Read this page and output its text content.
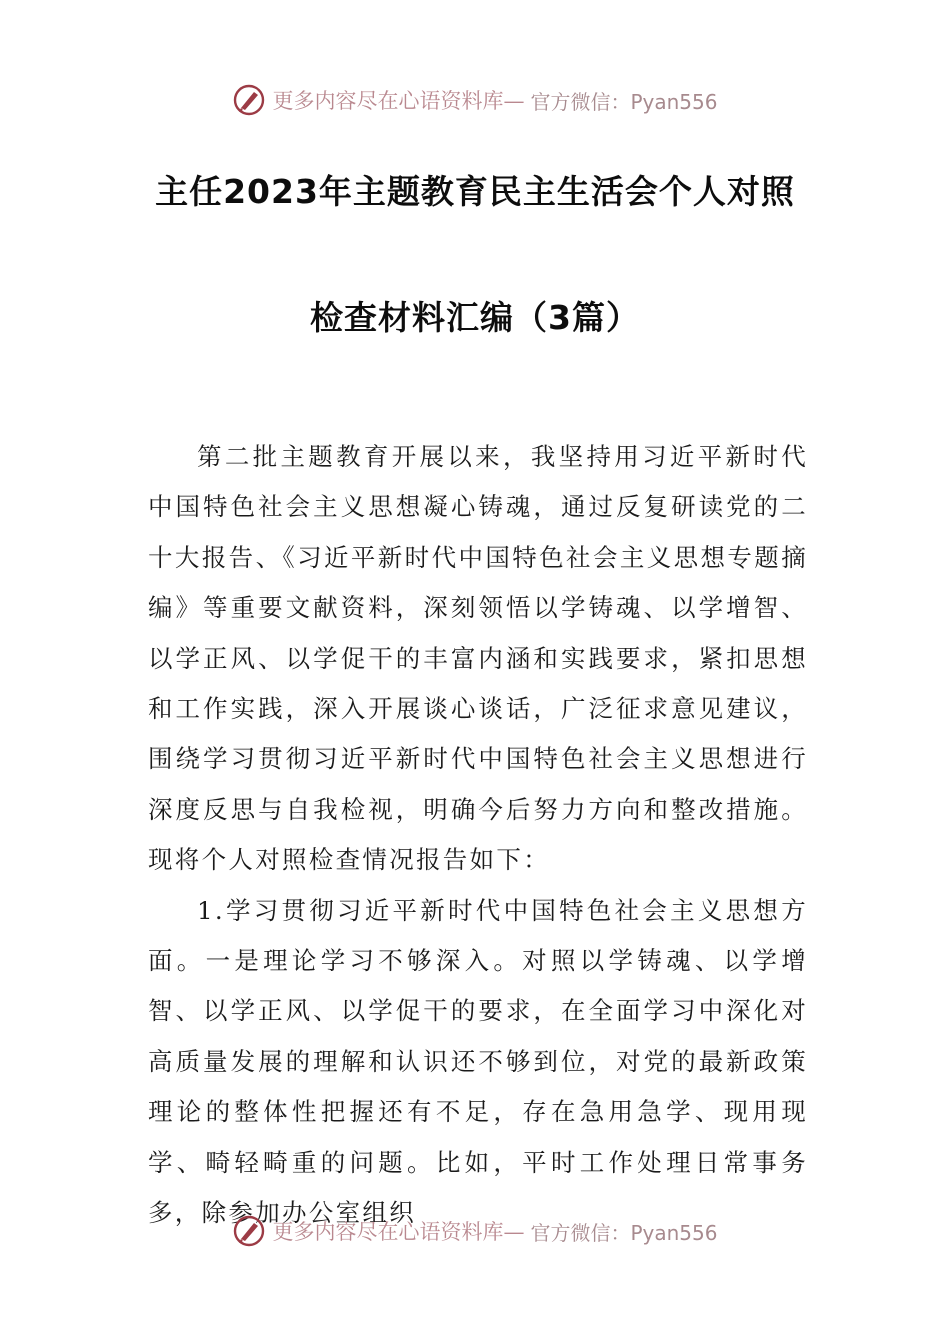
更多内容尽在心语资料库— 官方微信：Pyan556
主任2023年主题教育民主生活会个人对照
检查材料汇编（3篇）

第二批主题教育开展以来，我坚持用习近平新时代中国特色社会主义思想凝心铸魂，通过反复研读党的二十大报告、《习近平新时代中国特色社会主义思想专题摘编》等重要文献资料，深刻领悟以学铸魂、以学增智、以学正风、以学促干的丰富内涵和实践要求，紧扣思想和工作实践，深入开展谈心谈话，广泛征求意见建议，围绕学习贯彻习近平新时代中国特色社会主义思想进行深度反思与自我检视，明确今后努力方向和整改措施。现将个人对照检查情况报告如下：

1.学习贯彻习近平新时代中国特色社会主义思想方面。一是理论学习不够深入。对照以学铸魂、以学增智、以学正风、以学促干的要求，在全面学习中深化对高质量发展的理解和认识还不够到位，对党的最新政策理论的整体性把握还有不足，存在急用急学、现用现学、畸轻畸重的问题。比如，平时工作处理日常事务多，除参加办公室组织

更多内容尽在心语资料库— 官方微信：Pyan556
